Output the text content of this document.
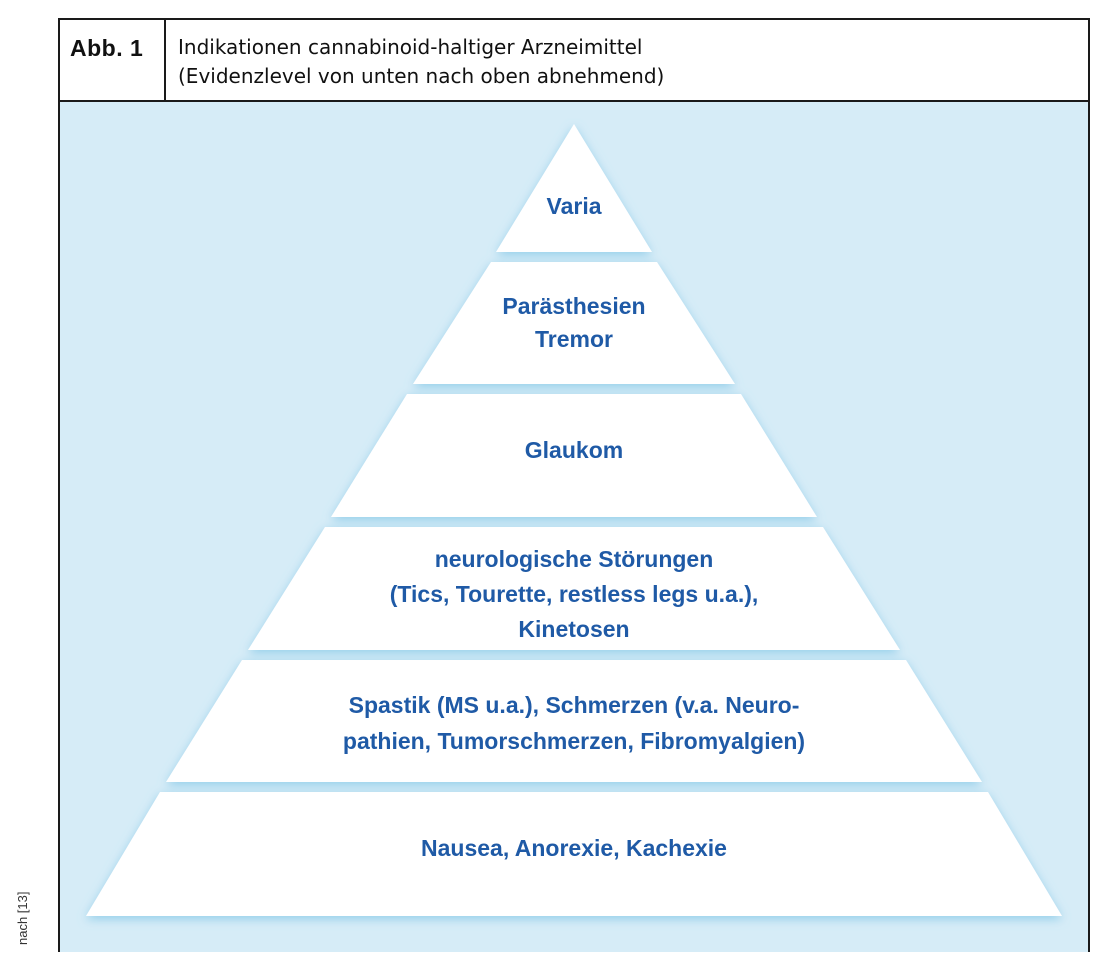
Abb. 1 Indikationen cannabinoid-haltiger Arzneimittel
(Evidenzlevel von unten nach oben abnehmend)
Varia
Parästhesien
Tremor
Glaukom
neurologische Störungen
(Tics, Tourette, restless legs u.a.),
Kinetosen
Spastik (MS u.a.), Schmerzen (v.a. Neuro-
pathien, Tumorschmerzen, Fibromyalgien)
Nausea, Anorexie, Kachexie
nach [13]
